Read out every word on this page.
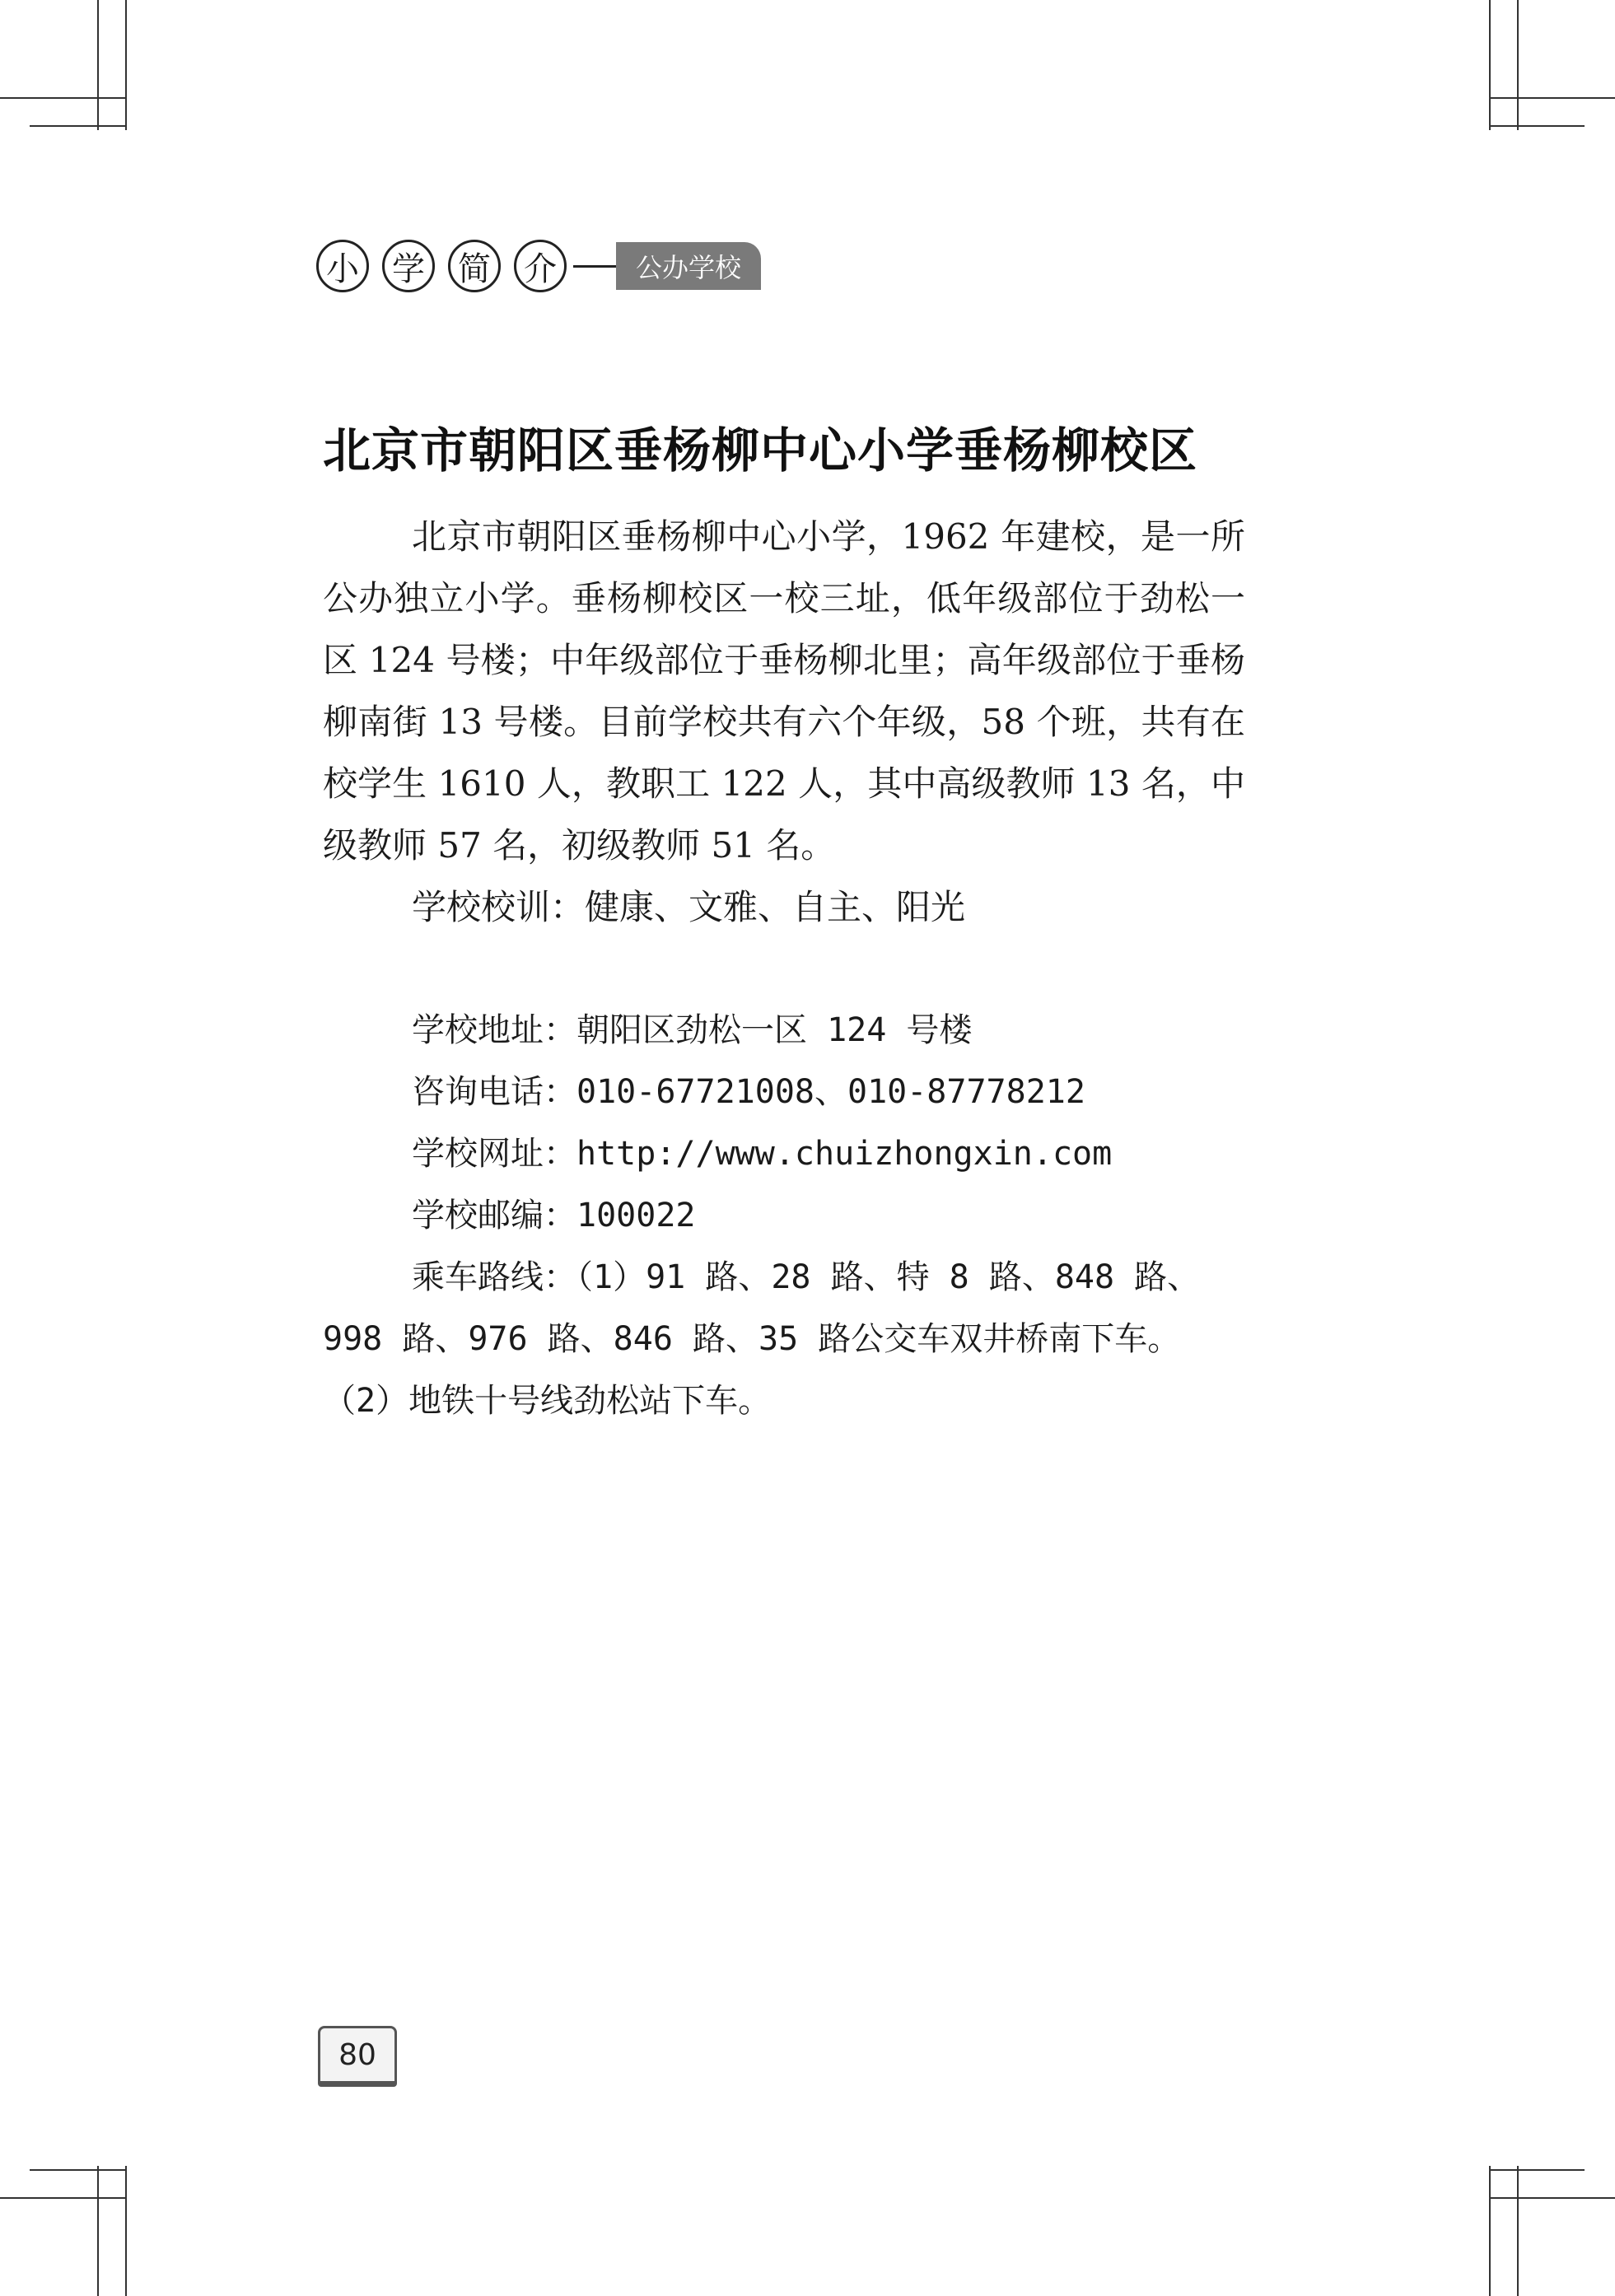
小	学	简	介	公办学校
北京市朝阳区垂杨柳中心小学垂杨柳校区

北京市朝阳区垂杨柳中心小学，1962 年建校，是一所公办独立小学。垂杨柳校区一校三址，低年级部位于劲松一区 124 号楼；中年级部位于垂杨柳北里；高年级部位于垂杨柳南街 13 号楼。目前学校共有六个年级，58 个班，共有在校学生 1610 人，教职工 122 人，其中高级教师 13 名，中级教师 57 名，初级教师 51 名。

学校校训：健康、文雅、自主、阳光

学校地址：朝阳区劲松一区 124 号楼

咨询电话：010-67721008、010-87778212

学校网址：http://www.chuizhongxin.com

学校邮编：100022

乘车路线：（1）91 路、28 路、特 8 路、848 路、

998 路、976 路、846 路、35 路公交车双井桥南下车。

（2）地铁十号线劲松站下车。

80
